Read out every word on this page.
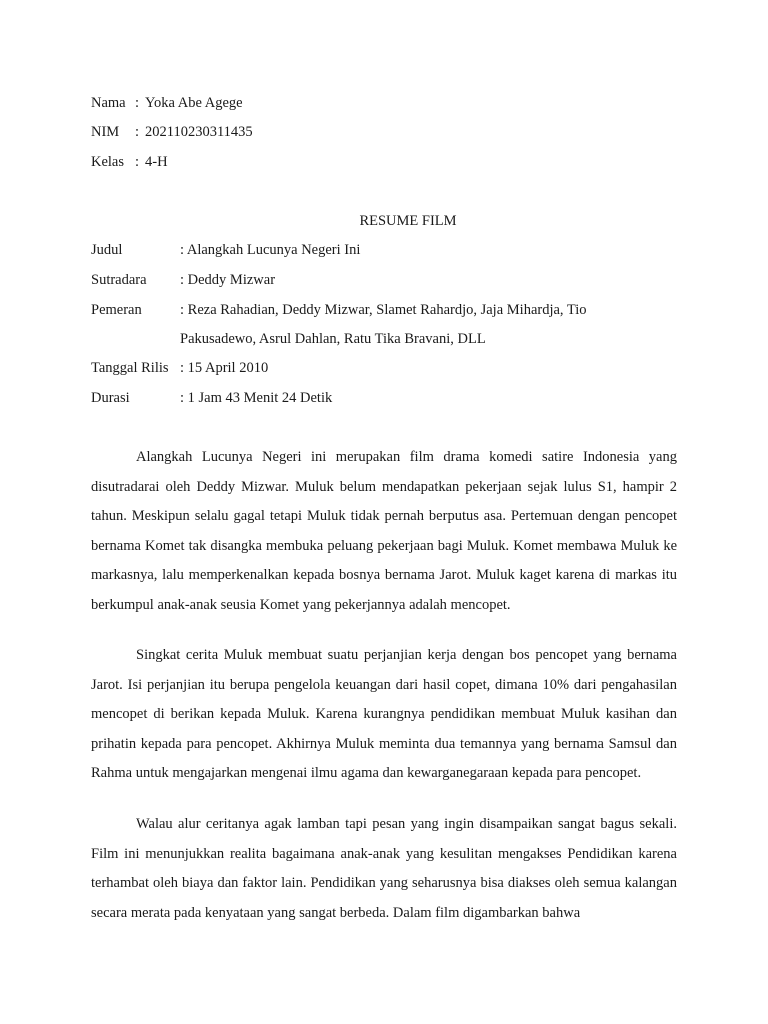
Nama : Yoka Abe Agege
NIM : 202110230311435
Kelas : 4-H
RESUME FILM
Judul	: Alangkah Lucunya Negeri Ini
Sutradara : Deddy Mizwar
Pemeran	: Reza Rahadian, Deddy Mizwar, Slamet Rahardjo, Jaja Mihardja, Tio
Pakusadewo, Asrul Dahlan, Ratu Tika Bravani, DLL
Tanggal Rilis : 15 April 2010
Durasi	: 1 Jam 43 Menit 24 Detik

Alangkah Lucunya Negeri ini merupakan film drama komedi satire Indonesia yang disutradarai oleh Deddy Mizwar. Muluk belum mendapatkan pekerjaan sejak lulus S1, hampir 2 tahun. Meskipun selalu gagal tetapi Muluk tidak pernah berputus asa. Pertemuan dengan pencopet bernama Komet tak disangka membuka peluang pekerjaan bagi Muluk. Komet membawa Muluk ke markasnya, lalu memperkenalkan kepada bosnya bernama Jarot. Muluk kaget karena di markas itu berkumpul anak-anak seusia Komet yang pekerjannya adalah mencopet.

Singkat cerita Muluk membuat suatu perjanjian kerja dengan bos pencopet yang bernama Jarot. Isi perjanjian itu berupa pengelola keuangan dari hasil copet, dimana 10% dari pengahasilan mencopet di berikan kepada Muluk. Karena kurangnya pendidikan membuat Muluk kasihan dan prihatin kepada para pencopet. Akhirnya Muluk meminta dua temannya yang bernama Samsul dan Rahma untuk mengajarkan mengenai ilmu agama dan kewarganegaraan kepada para pencopet.

Walau alur ceritanya agak lamban tapi pesan yang ingin disampaikan sangat bagus sekali. Film ini menunjukkan realita bagaimana anak-anak yang kesulitan mengakses Pendidikan karena terhambat oleh biaya dan faktor lain. Pendidikan yang seharusnya bisa diakses oleh semua kalangan secara merata pada kenyataan yang sangat berbeda. Dalam film digambarkan bahwa
